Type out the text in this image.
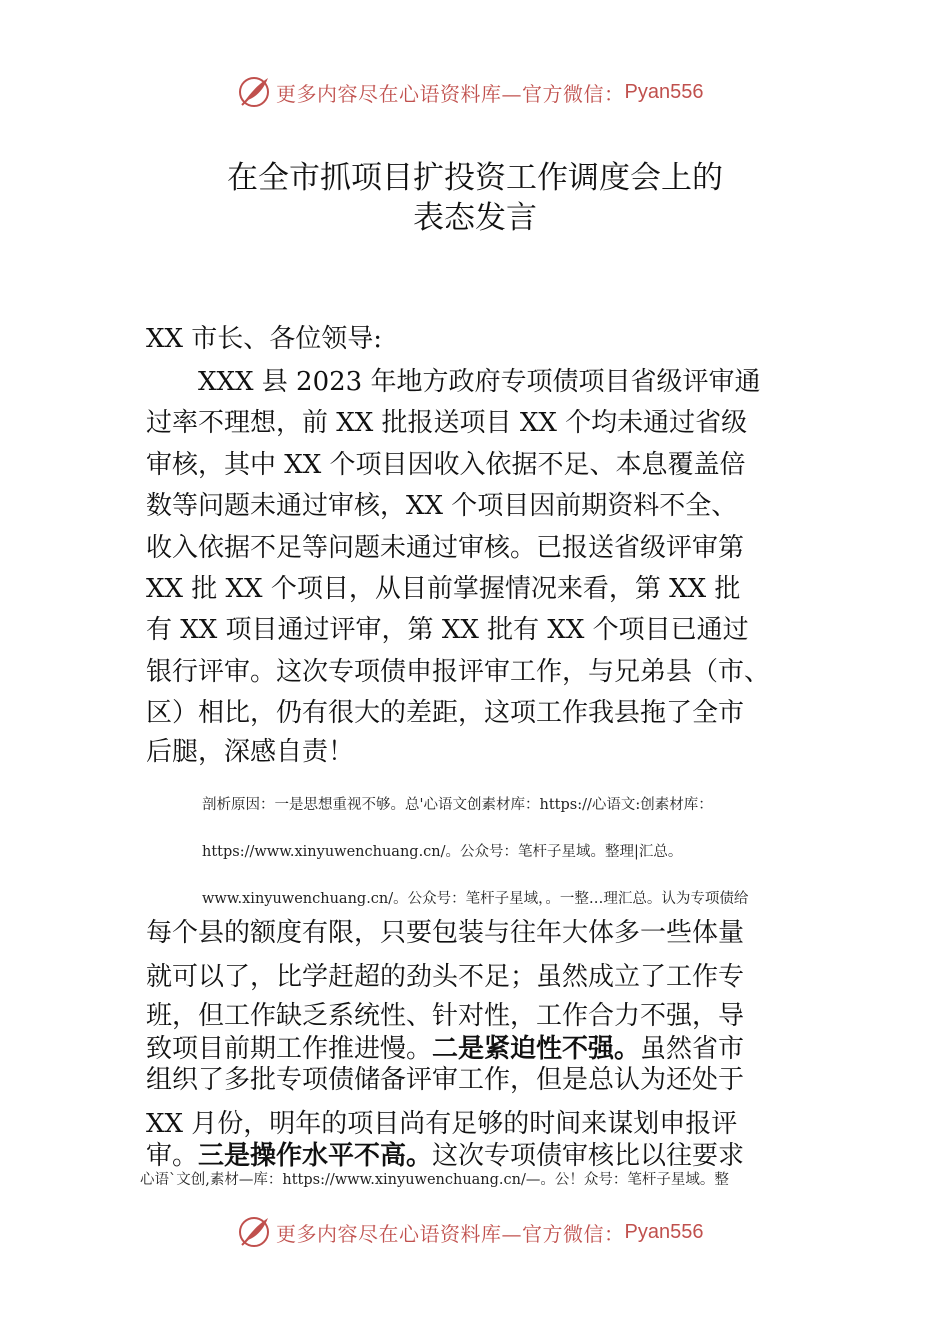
更多内容尽在心语资料库—官方微信： Pyan556
在全市抓项目扩投资工作调度会上的
表态发言

XX 市长、各位领导:

　　XXX 县 2023 年地方政府专项债项目省级评审通

过率不理想，前 XX 批报送项目 XX 个均未通过省级

审核，其中 XX 个项目因收入依据不足、本息覆盖倍

数等问题未通过审核，XX 个项目因前期资料不全、

收入依据不足等问题未通过审核。已报送省级评审第

XX 批 XX 个项目，从目前掌握情况来看，第 XX 批

有 XX 项目通过评审，第 XX 批有 XX 个项目已通过

银行评审。这次专项债申报评审工作，与兄弟县（市、

区）相比，仍有很大的差距，这项工作我县拖了全市

后腿，深感自责！

剖析原因：一是思想重视不够。总'心语文创素材库：https://心语文:创素材库：

https://www.xinyuwenchuang.cn/。公众号：笔杆子星域。整理|汇总。

www.xinyuwenchuang.cn/。公众号：笔杆子星域，。一整…理汇总。认为专项债给

每个县的额度有限，只要包装与往年大体多一些体量

就可以了，比学赶超的劲头不足；虽然成立了工作专

班，但工作缺乏系统性、针对性，工作合力不强，导

致项目前期工作推进慢。二是紧迫性不强。虽然省市

组织了多批专项债储备评审工作，但是总认为还处于

XX 月份，明年的项目尚有足够的时间来谋划申报评

审。三是操作水平不高。这次专项债审核比以往要求

心语`文创,素材—库：https://www.xinyuwenchuang.cn/—。公！众号：笔杆子星域。整

更多内容尽在心语资料库—官方微信： Pyan556
